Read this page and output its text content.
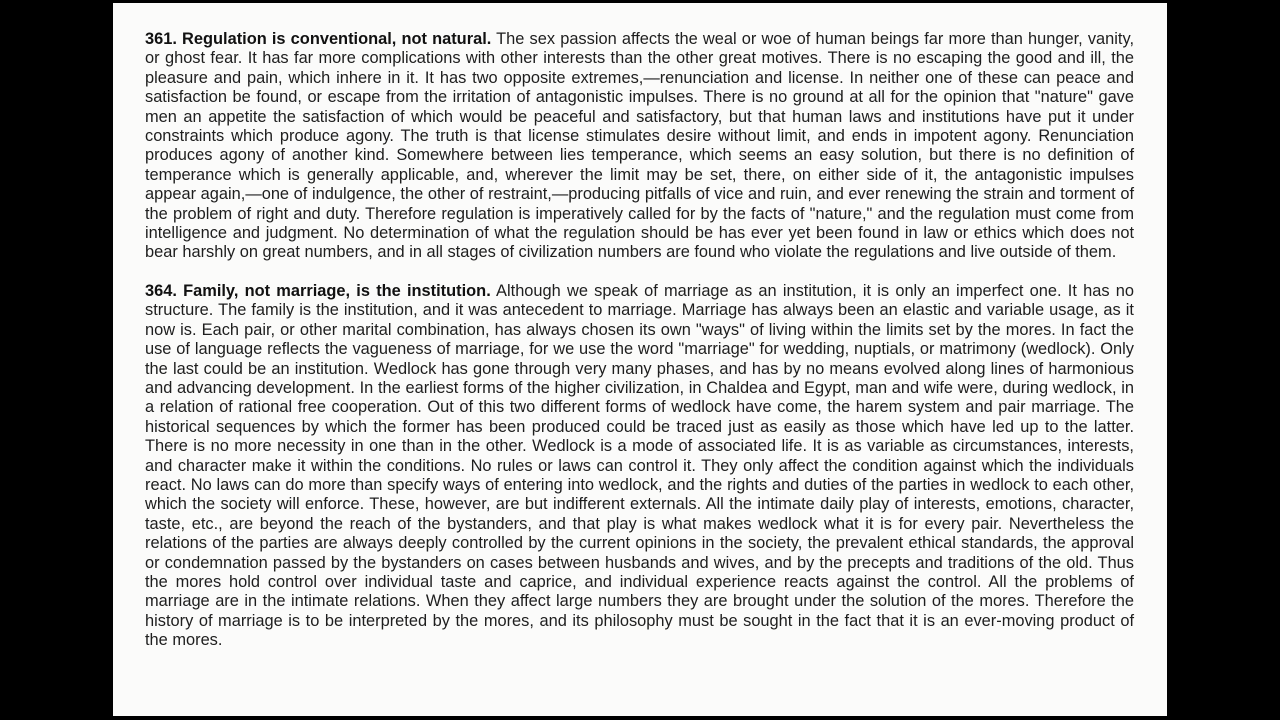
361. Regulation is conventional, not natural. The sex passion affects the weal or woe of human beings far more than hunger, vanity, or ghost fear. It has far more complications with other interests than the other great motives. There is no escaping the good and ill, the pleasure and pain, which inhere in it. It has two opposite extremes,—renunciation and license. In neither one of these can peace and satisfaction be found, or escape from the irritation of antagonistic impulses. There is no ground at all for the opinion that "nature" gave men an appetite the satisfaction of which would be peaceful and satisfactory, but that human laws and institutions have put it under constraints which produce agony. The truth is that license stimulates desire without limit, and ends in impotent agony. Renunciation produces agony of another kind. Somewhere between lies temperance, which seems an easy solution, but there is no definition of temperance which is generally applicable, and, wherever the limit may be set, there, on either side of it, the antagonistic impulses appear again,—one of indulgence, the other of restraint,—producing pitfalls of vice and ruin, and ever renewing the strain and torment of the problem of right and duty. Therefore regulation is imperatively called for by the facts of "nature," and the regulation must come from intelligence and judgment. No determination of what the regulation should be has ever yet been found in law or ethics which does not bear harshly on great numbers, and in all stages of civilization numbers are found who violate the regulations and live outside of them.

364. Family, not marriage, is the institution. Although we speak of marriage as an institution, it is only an imperfect one. It has no structure. The family is the institution, and it was antecedent to marriage. Marriage has always been an elastic and variable usage, as it now is. Each pair, or other marital combination, has always chosen its own "ways" of living within the limits set by the mores. In fact the use of language reflects the vagueness of marriage, for we use the word "marriage" for wedding, nuptials, or matrimony (wedlock). Only the last could be an institution. Wedlock has gone through very many phases, and has by no means evolved along lines of harmonious and advancing development. In the earliest forms of the higher civilization, in Chaldea and Egypt, man and wife were, during wedlock, in a relation of rational free cooperation. Out of this two different forms of wedlock have come, the harem system and pair marriage. The historical sequences by which the former has been produced could be traced just as easily as those which have led up to the latter. There is no more necessity in one than in the other. Wedlock is a mode of associated life. It is as variable as circumstances, interests, and character make it within the conditions. No rules or laws can control it. They only affect the condition against which the individuals react. No laws can do more than specify ways of entering into wedlock, and the rights and duties of the parties in wedlock to each other, which the society will enforce. These, however, are but indifferent externals. All the intimate daily play of interests, emotions, character, taste, etc., are beyond the reach of the bystanders, and that play is what makes wedlock what it is for every pair. Nevertheless the relations of the parties are always deeply controlled by the current opinions in the society, the prevalent ethical standards, the approval or condemnation passed by the bystanders on cases between husbands and wives, and by the precepts and traditions of the old. Thus the mores hold control over individual taste and caprice, and individual experience reacts against the control. All the problems of marriage are in the intimate relations. When they affect large numbers they are brought under the solution of the mores. Therefore the history of marriage is to be interpreted by the mores, and its philosophy must be sought in the fact that it is an ever-moving product of the mores.
